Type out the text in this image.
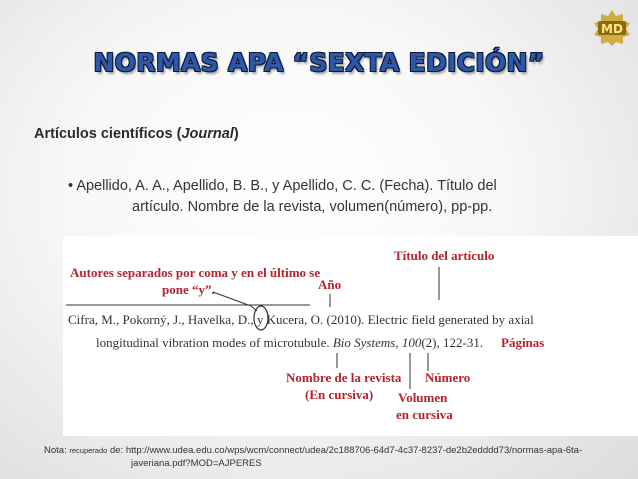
MD
NORMAS APA “SEXTA EDICIÓN”
Artículos científicos (Journal)
• Apellido, A. A., Apellido, B. B., y Apellido, C. C. (Fecha). Título del
artículo. Nombre de la revista, volumen(número), pp-pp.
Autores separados por coma y en el último se
pone “y”.	Año
Título del artículo
Cifra, M., Pokorný, J., Havelka, D., y Kucera, O. (2010). Electric field generated by axial
longitudinal vibration modes of microtubule. Bio Systems, 100(2), 122-31. Páginas
Nombre de la revista
(En cursiva)
Número
Volumen
en cursiva
Nota: recuperado de: http://www.udea.edu.co/wps/wcm/connect/udea/2c188706-64d7-4c37-8237-de2b2edddd73/normas-apa-6ta-
javeriana.pdf?MOD=AJPERES
